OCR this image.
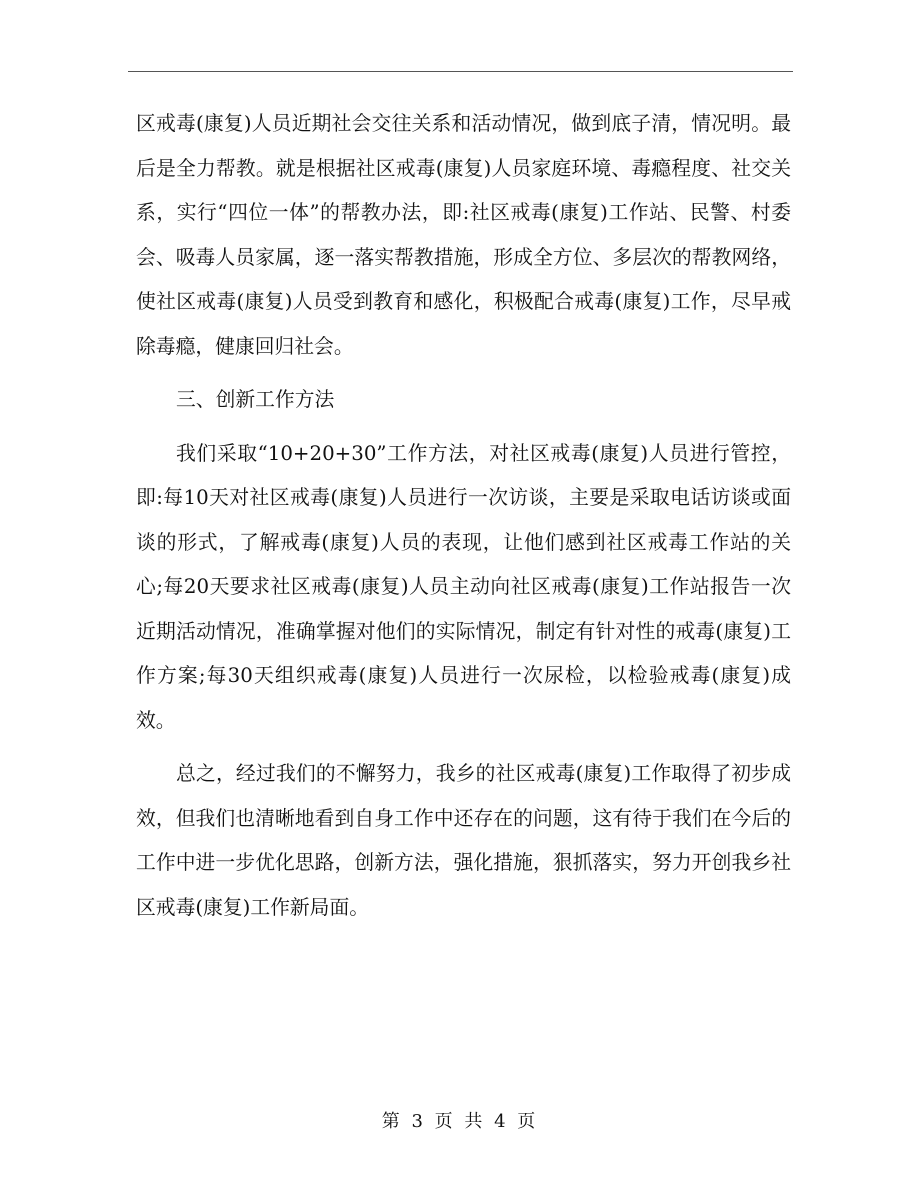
区戒毒(康复)人员近期社会交往关系和活动情况，做到底子清，情况明。最后是全力帮教。就是根据社区戒毒(康复)人员家庭环境、毒瘾程度、社交关系，实行“四位一体”的帮教办法，即:社区戒毒(康复)工作站、民警、村委会、吸毒人员家属，逐一落实帮教措施，形成全方位、多层次的帮教网络，使社区戒毒(康复)人员受到教育和感化，积极配合戒毒(康复)工作，尽早戒除毒瘾，健康回归社会。

三、创新工作方法

我们采取“10+20+30”工作方法，对社区戒毒(康复)人员进行管控，即:每10天对社区戒毒(康复)人员进行一次访谈，主要是采取电话访谈或面谈的形式，了解戒毒(康复)人员的表现，让他们感到社区戒毒工作站的关心;每20天要求社区戒毒(康复)人员主动向社区戒毒(康复)工作站报告一次近期活动情况，准确掌握对他们的实际情况，制定有针对性的戒毒(康复)工作方案;每30天组织戒毒(康复)人员进行一次尿检，以检验戒毒(康复)成效。

总之，经过我们的不懈努力，我乡的社区戒毒(康复)工作取得了初步成效，但我们也清晰地看到自身工作中还存在的问题，这有待于我们在今后的工作中进一步优化思路，创新方法，强化措施，狠抓落实，努力开创我乡社区戒毒(康复)工作新局面。

第 3 页 共 4 页
